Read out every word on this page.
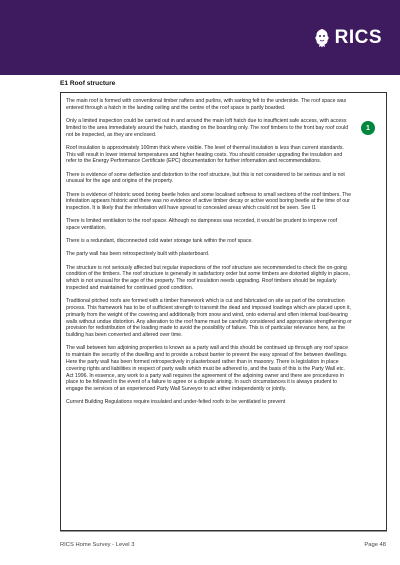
RICS
E1 Roof structure

The main roof is formed with conventional timber rafters and purlins, with sarking felt to the underside. The roof space was entered through a hatch in the landing ceiling and the centre of the roof space is partly boarded.

Only a limited inspection could be carried out in and around the main loft hatch due to insufficient safe access, with access limited to the area immediately around the hatch, standing on the boarding only. The roof timbers to the front bay roof could not be inspected, as they are enclosed.

Roof insulation is approximately 100mm thick where visible. The level of thermal insulation is less than current standards. This will result in lower internal temperatures and higher heating costs. You should consider upgrading the insulation and refer to the Energy Performance Certificate (EPC) documentation for further information and recommendations.

There is evidence of some deflection and distortion to the roof structure, but this is not considered to be serious and is not unusual for the age and origins of the property.

There is evidence of historic wood boring beetle holes and some localised softness to small sections of the roof timbers. The infestation appears historic and there was no evidence of active timber decay or active wood boring beetle at the time of our inspection. It is likely that the infestation will have spread to concealed areas which could not be seen. See I1

There is limited ventilation to the roof space. Although no dampness was recorded, it would be prudent to improve roof space ventilation.

There is a redundant, disconnected cold water storage tank within the roof space.

The party wall has been retrospectively built with plasterboard.

The structure is not seriously affected but regular inspections of the roof structure are recommended to check the on-going condition of the timbers. The roof structure is generally in satisfactory order but some timbers are distorted slightly in places, which is not unusual for the age of the property. The roof insulation needs upgrading. Roof timbers should be regularly inspected and maintained for continued good condition.

Traditional pitched roofs are formed with a timber framework which is cut and fabricated on site as part of the construction process. This framework has to be of sufficient strength to transmit the dead and imposed loadings which are placed upon it, primarily from the weight of the covering and additionally from snow and wind, onto external and often internal load-bearing walls without undue distortion. Any alteration to the roof frame must be carefully considered and appropriate strengthening or provision for redistribution of the loading made to avoid the possibility of failure. This is of particular relevance here, as the building has been converted and altered over time.

The wall between two adjoining properties is known as a party wall and this should be continued up through any roof space to maintain the security of the dwelling and to provide a robust barrier to prevent the easy spread of fire between dwellings. Here the party wall has been formed retrospectively in plasterboard rather than in masonry. There is legislation in place covering rights and liabilities in respect of party walls which must be adhered to, and the basis of this is the Party Wall etc. Act 1996. In essence, any work to a party wall requires the agreement of the adjoining owner and there are procedures in place to be followed in the event of a failure to agree or a dispute arising. In such circumstances it is always prudent to engage the services of an experienced Party Wall Surveyor to act either independently or jointly.

Current Building Regulations require insulated and under-felted roofs to be ventilated to prevent

1
RICS Home Survey - Level 3	Page 48
